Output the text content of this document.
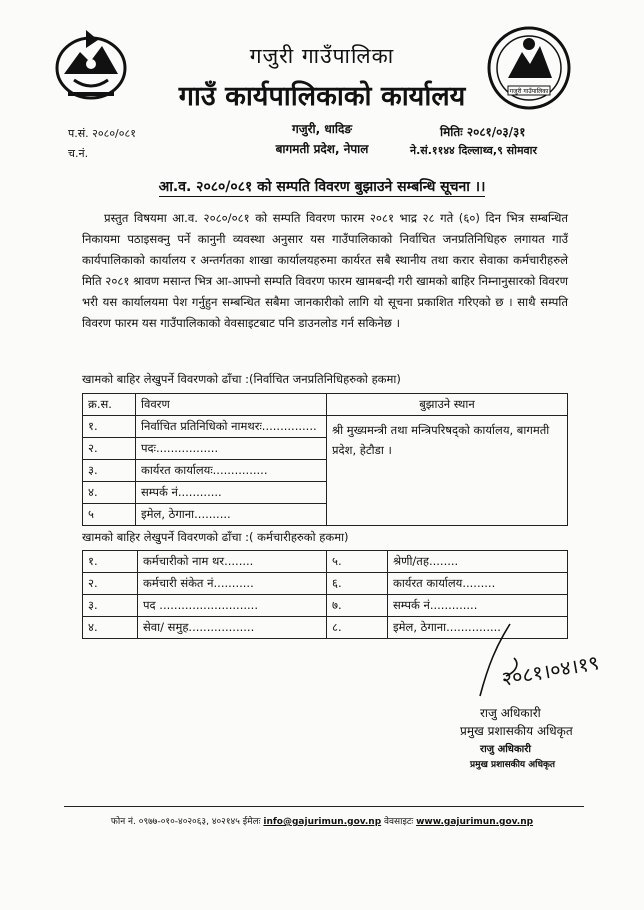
गजुरी गाउँपालिका
गजुरी गाउँपालिका
गाउँ कार्यपालिकाको कार्यालय
गजुरी, धादिङ
बागमती प्रदेश, नेपाल
प.सं. २०८०/०८१
च.नं.
मितिः २०८१/०३/३१
ने.सं.११४४ दिल्लाथ्व,९ सोमवार
आ.व. २०८०/०८१ को सम्पति विवरण बुझाउने सम्बन्धि सूचना ।।
प्रस्तुत विषयमा आ.व. २०८०/०८१ को सम्पति विवरण फारम २०८१ भाद्र २८ गते (६०) दिन भित्र सम्बन्धित निकायमा पठाइसक्नु पर्ने कानुनी व्यवस्था अनुसार यस गाउँपालिकाको निर्वाचित जनप्रतिनिधिहरु लगायत गाउँ कार्यपालिकाको कार्यालय र अन्तर्गतका शाखा कार्यालयहरुमा कार्यरत सबै स्थानीय तथा करार सेवाका कर्मचारीहरुले मिति २०८१ श्रावण मसान्त भित्र आ-आफ्नो सम्पति विवरण फारम खामबन्दी गरी खामको बाहिर निम्नानुसारको विवरण भरी यस कार्यालयमा पेश गर्नुहुन सम्बन्धित सबैमा जानकारीको लागि यो सूचना प्रकाशित गरिएको छ । साथै सम्पति विवरण फारम यस गाउँपालिकाको वेवसाइटबाट पनि डाउनलोड गर्न सकिनेछ ।
खामको बाहिर लेखुपर्ने विवरणको ढाँचा :(निर्वाचित जनप्रतिनिधिहरुको हकमा)
क्र.स.	विवरण	बुझाउने स्थान
१.	निर्वाचित प्रतिनिधिको नामथरः...............	श्री मुख्यमन्त्री तथा मन्त्रिपरिषद्को कार्यालय, बागमती प्रदेश, हेटौडा ।
२.	पदः.................	
३.	कार्यरत कार्यालयः...............	
४.	सम्पर्क नं............	
५	इमेल, ठेगाना..........	
खामको बाहिर लेखुपर्ने विवरणको ढाँचा :( कर्मचारीहरुको हकमा)
१.	कर्मचारीको नाम थर........	५.	श्रेणी/तह........
२.	कर्मचारी संकेत नं...........	६.	कार्यरत कार्यालय.........
३.	पद ...........................	७.	सम्पर्क नं.............
४.	सेवा/ समुह..................	८.	इमेल, ठेगाना...............
२०८१।०४।१९
राजु अधिकारी
प्रमुख प्रशासकीय अधिकृत
राजु अधिकारी
प्रमुख प्रशासकीय अधिकृत
फोन नं. ०९७७-०१०-४०२०६३, ४०२१४५ ईमेलः info@gajurimun.gov.np वेवसाइटः www.gajurimun.gov.np
